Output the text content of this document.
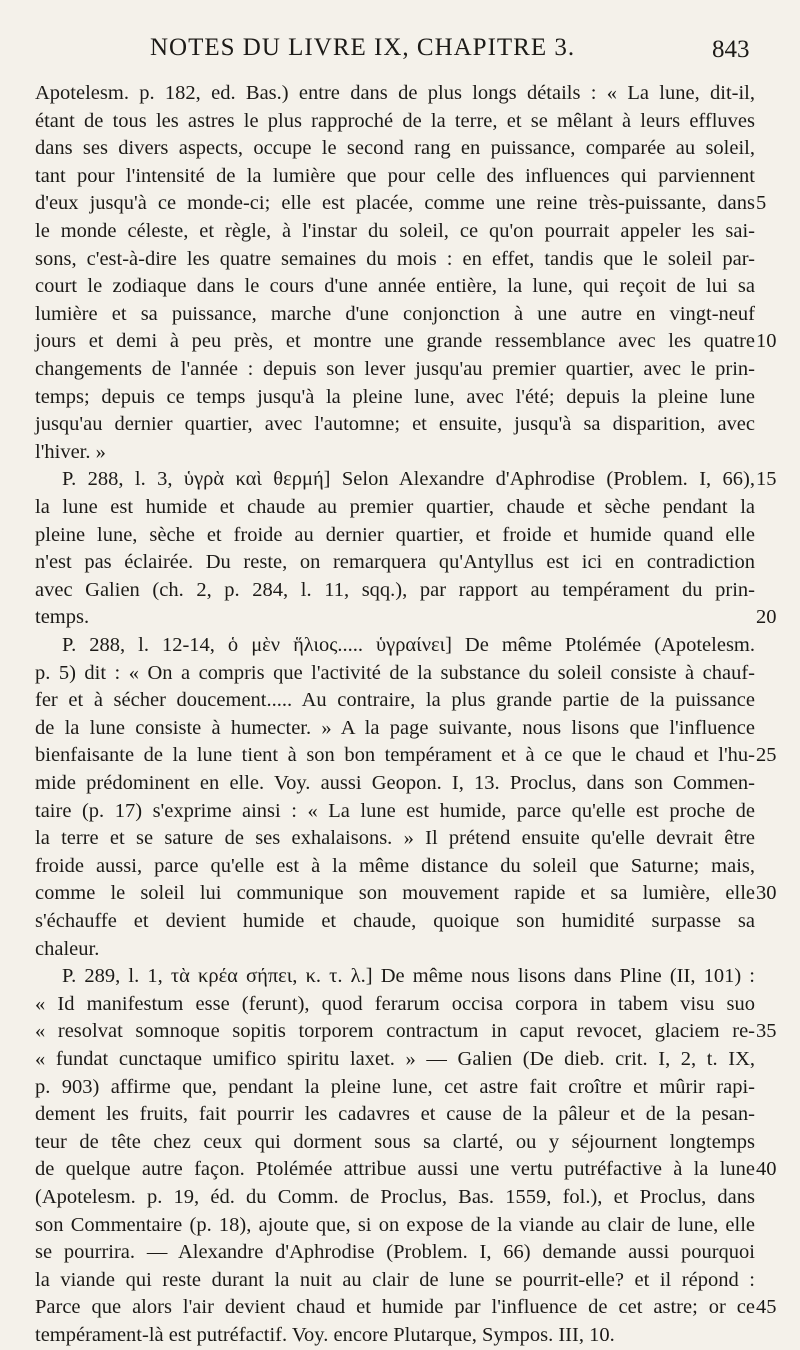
NOTES DU LIVRE IX, CHAPITRE 3.	843
Apotelesm. p. 182, ed. Bas.) entre dans de plus longs détails : « La lune, dit-il,
étant de tous les astres le plus rapproché de la terre, et se mêlant à leurs effluves
dans ses divers aspects, occupe le second rang en puissance, comparée au soleil,
tant pour l'intensité de la lumière que pour celle des influences qui parviennent
d'eux jusqu'à ce monde-ci; elle est placée, comme une reine très-puissante, dans
le monde céleste, et règle, à l'instar du soleil, ce qu'on pourrait appeler les sai-
sons, c'est-à-dire les quatre semaines du mois : en effet, tandis que le soleil par-
court le zodiaque dans le cours d'une année entière, la lune, qui reçoit de lui sa
lumière et sa puissance, marche d'une conjonction à une autre en vingt-neuf
jours et demi à peu près, et montre une grande ressemblance avec les quatre
changements de l'année : depuis son lever jusqu'au premier quartier, avec le prin-
temps; depuis ce temps jusqu'à la pleine lune, avec l'été; depuis la pleine lune
jusqu'au dernier quartier, avec l'automne; et ensuite, jusqu'à sa disparition, avec
l'hiver. »
P. 288, l. 3, ὑγρὰ καὶ θερμή] Selon Alexandre d'Aphrodise (Problem. I, 66),
la lune est humide et chaude au premier quartier, chaude et sèche pendant la
pleine lune, sèche et froide au dernier quartier, et froide et humide quand elle
n'est pas éclairée. Du reste, on remarquera qu'Antyllus est ici en contradiction
avec Galien (ch. 2, p. 284, l. 11, sqq.), par rapport au tempérament du prin-
temps.
P. 288, l. 12-14, ὁ μὲν ἥλιος..... ὑγραίνει] De même Ptolémée (Apotelesm.
p. 5) dit : « On a compris que l'activité de la substance du soleil consiste à chauf-
fer et à sécher doucement..... Au contraire, la plus grande partie de la puissance
de la lune consiste à humecter. » A la page suivante, nous lisons que l'influence
bienfaisante de la lune tient à son bon tempérament et à ce que le chaud et l'hu-
mide prédominent en elle. Voy. aussi Geopon. I, 13. Proclus, dans son Commen-
taire (p. 17) s'exprime ainsi : « La lune est humide, parce qu'elle est proche de
la terre et se sature de ses exhalaisons. » Il prétend ensuite qu'elle devrait être
froide aussi, parce qu'elle est à la même distance du soleil que Saturne; mais,
comme le soleil lui communique son mouvement rapide et sa lumière, elle
s'échauffe et devient humide et chaude, quoique son humidité surpasse sa
chaleur.
P. 289, l. 1, τὰ κρέα σήπει, κ. τ. λ.] De même nous lisons dans Pline (II, 101) :
« Id manifestum esse (ferunt), quod ferarum occisa corpora in tabem visu suo
« resolvat somnoque sopitis torporem contractum in caput revocet, glaciem re-
« fundat cunctaque umifico spiritu laxet. » — Galien (De dieb. crit. I, 2, t. IX,
p. 903) affirme que, pendant la pleine lune, cet astre fait croître et mûrir rapi-
dement les fruits, fait pourrir les cadavres et cause de la pâleur et de la pesan-
teur de tête chez ceux qui dorment sous sa clarté, ou y séjournent longtemps
de quelque autre façon. Ptolémée attribue aussi une vertu putréfactive à la lune
(Apotelesm. p. 19, éd. du Comm. de Proclus, Bas. 1559, fol.), et Proclus, dans
son Commentaire (p. 18), ajoute que, si on expose de la viande au clair de lune, elle
se pourrira. — Alexandre d'Aphrodise (Problem. I, 66) demande aussi pourquoi
la viande qui reste durant la nuit au clair de lune se pourrit-elle? et il répond :
Parce que alors l'air devient chaud et humide par l'influence de cet astre; or ce
tempérament-là est putréfactif. Voy. encore Plutarque, Sympos. III, 10.
5
10
15
20
25
30
35
40
45
